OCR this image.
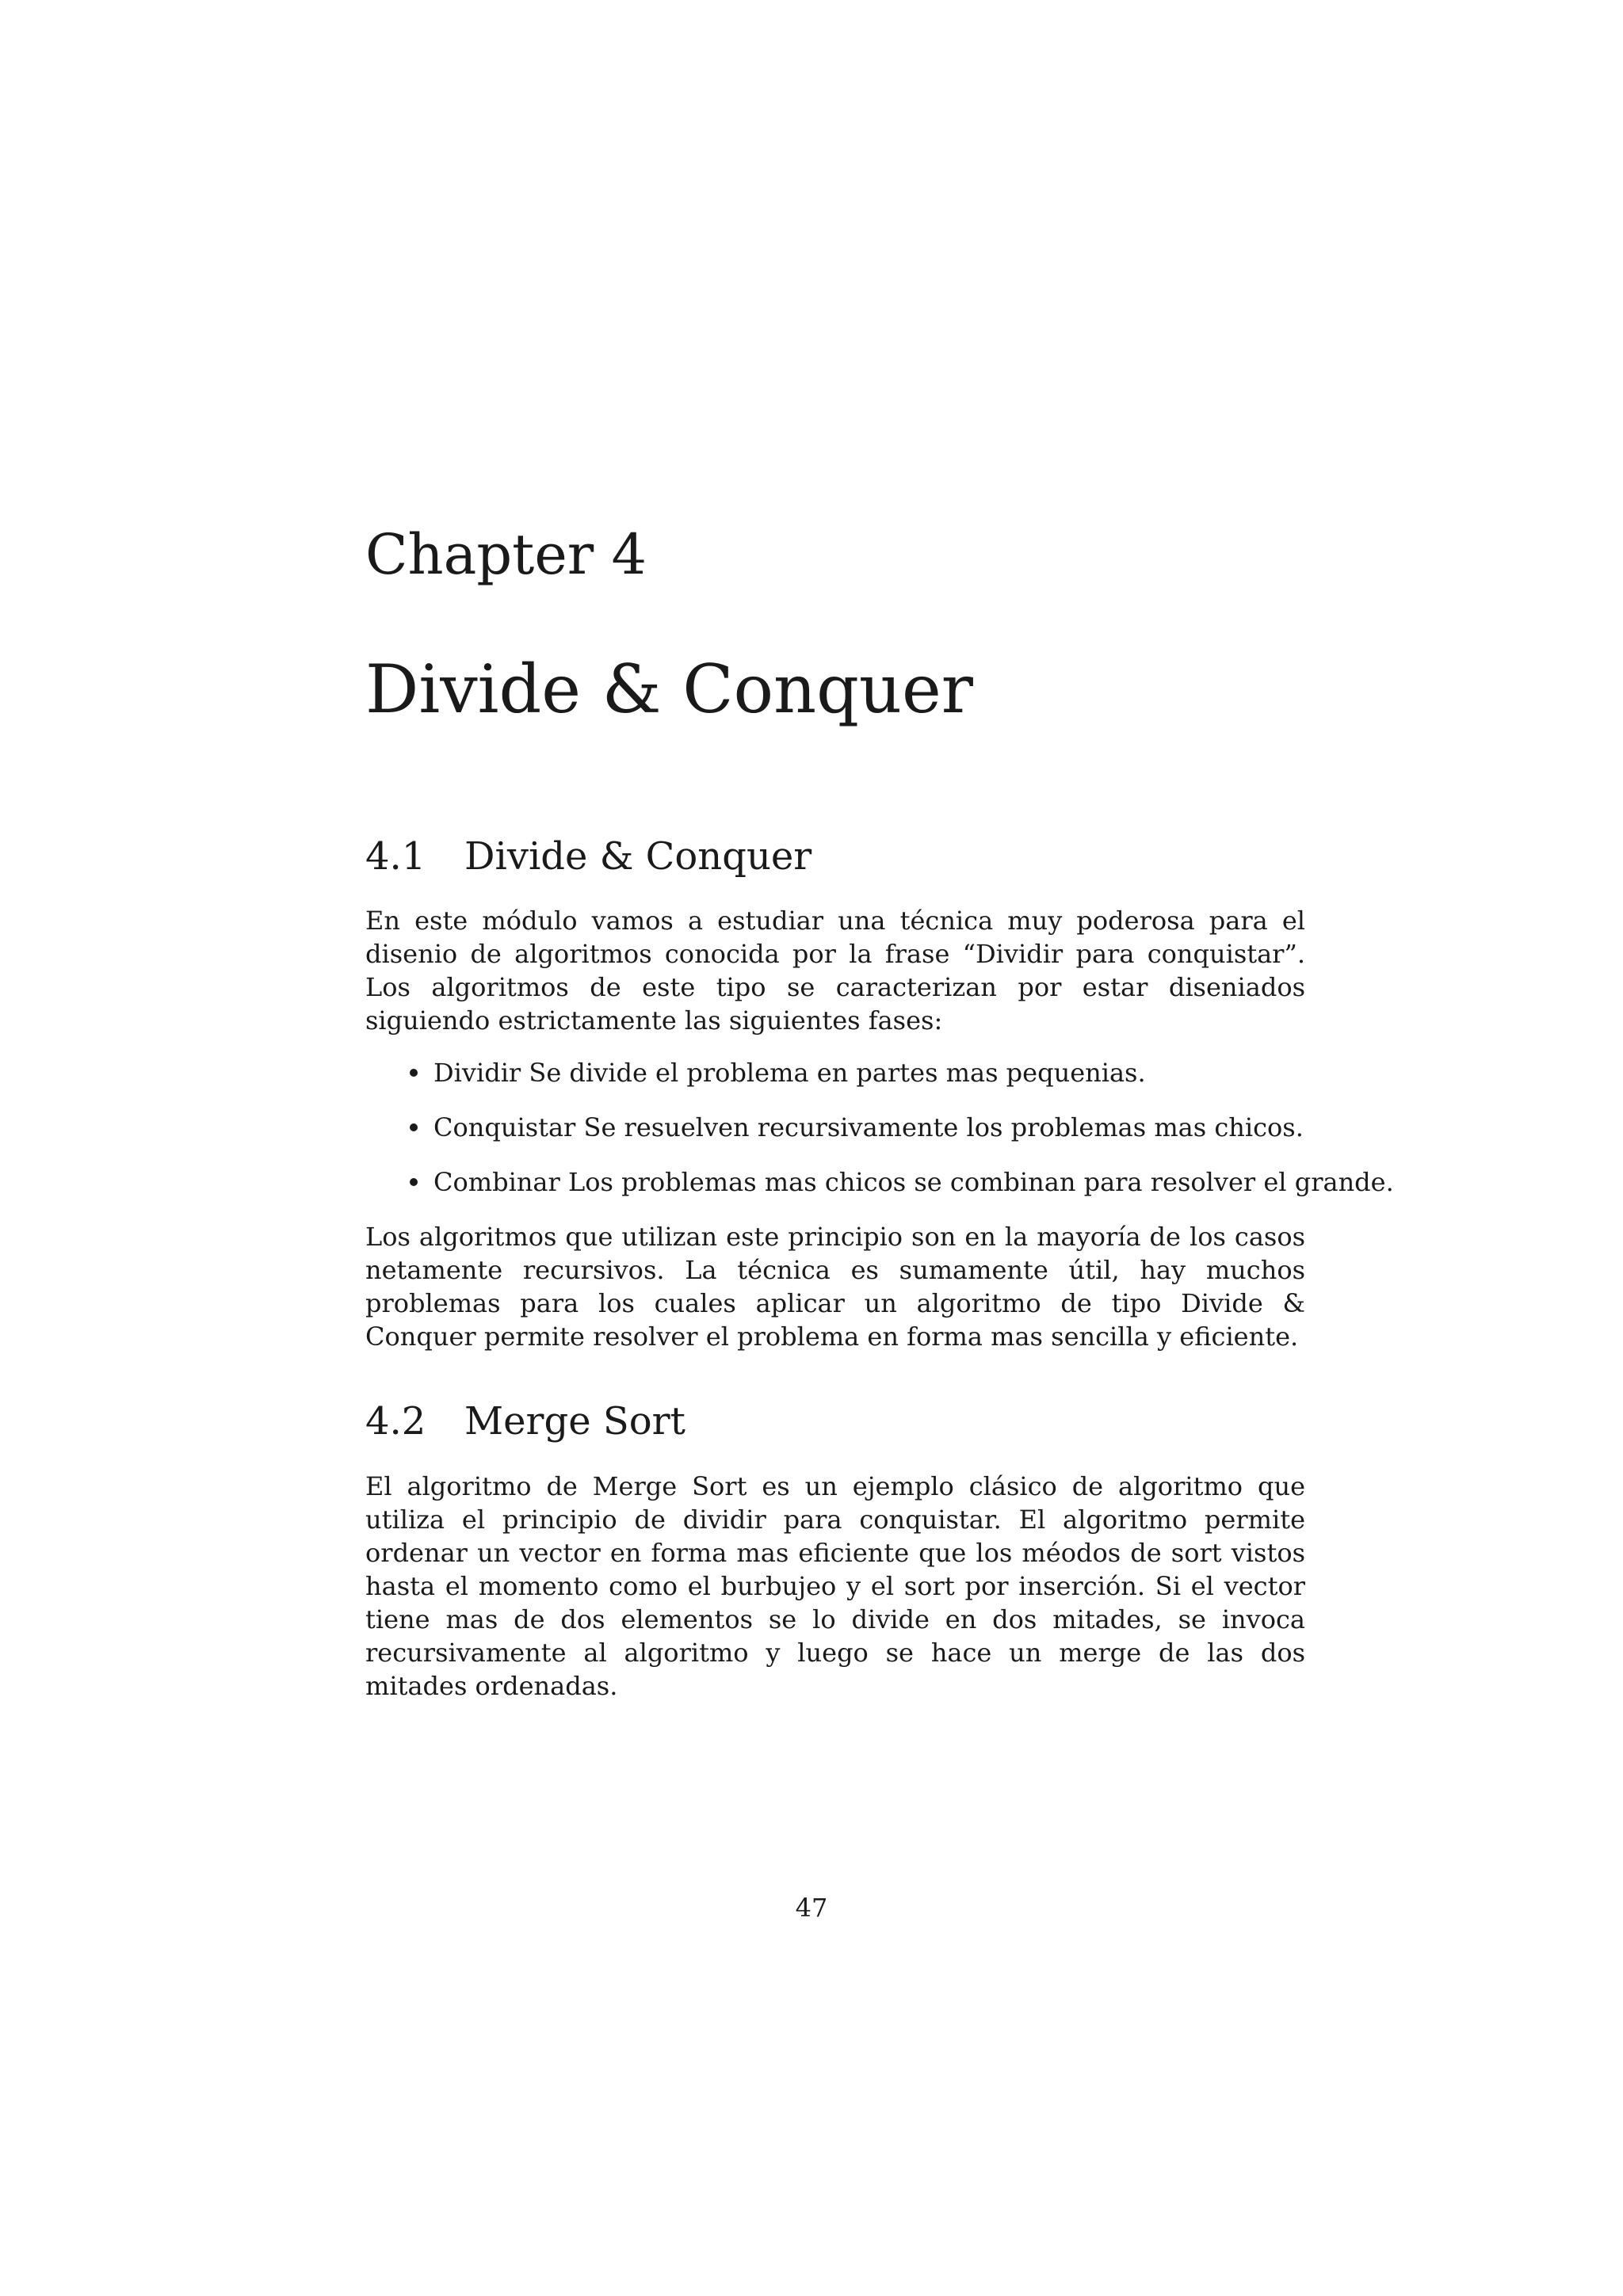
Chapter 4
Divide & Conquer
4.1 Divide & Conquer

En este módulo vamos a estudiar una técnica muy poderosa para el disenio de algoritmos conocida por la frase “Dividir para conquistar”. Los algoritmos de este tipo se caracterizan por estar diseniados siguiendo estrictamente las siguientes fases:

Dividir Se divide el problema en partes mas pequenias.
Conquistar Se resuelven recursivamente los problemas mas chicos.
Combinar Los problemas mas chicos se combinan para resolver el grande.

Los algoritmos que utilizan este principio son en la mayoría de los casos netamente recursivos. La técnica es sumamente útil, hay muchos problemas para los cuales aplicar un algoritmo de tipo Divide & Conquer permite resolver el problema en forma mas sencilla y eficiente.

4.2 Merge Sort

El algoritmo de Merge Sort es un ejemplo clásico de algoritmo que utiliza el principio de dividir para conquistar. El algoritmo permite ordenar un vector en forma mas eficiente que los méodos de sort vistos hasta el momento como el burbujeo y el sort por inserción. Si el vector tiene mas de dos elementos se lo divide en dos mitades, se invoca recursivamente al algoritmo y luego se hace un merge de las dos mitades ordenadas.

47
